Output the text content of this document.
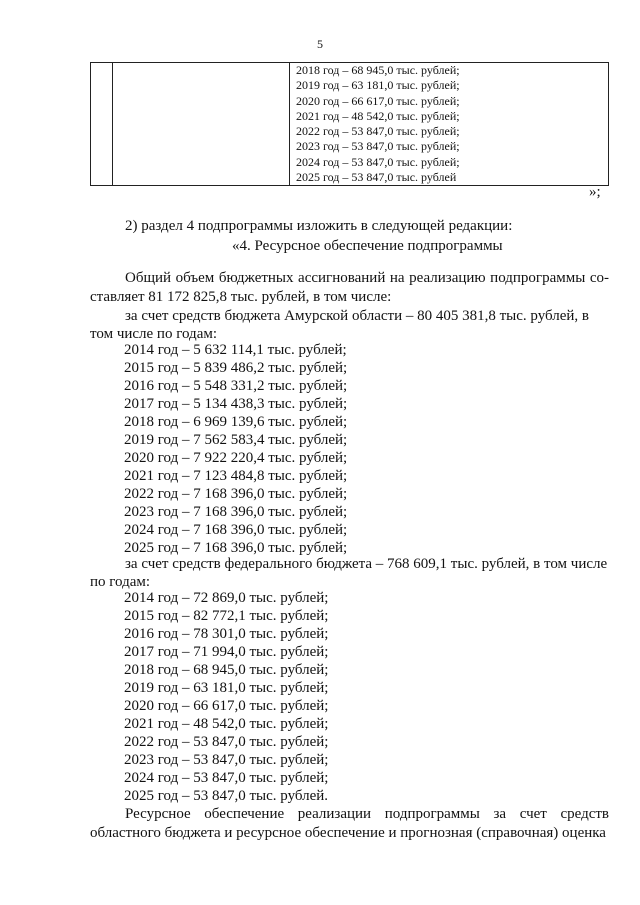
5

2018 год – 68 945,0 тыс. рублей;
2019 год – 63 181,0 тыс. рублей;
2020 год – 66 617,0 тыс. рублей;
2021 год – 48 542,0 тыс. рублей;
2022 год – 53 847,0 тыс. рублей;
2023 год – 53 847,0 тыс. рублей;
2024 год – 53 847,0 тыс. рублей;
2025 год – 53 847,0 тыс. рублей
»;
2) раздел 4 подпрограммы изложить в следующей редакции:
«4. Ресурсное обеспечение подпрограммы
Общий объем бюджетных ассигнований на реализацию подпрограммы со-
ставляет 81 172 825,8 тыс. рублей, в том числе:
за счет средств бюджета Амурской области – 80 405 381,8 тыс. рублей, в
том числе по годам:
2014 год – 5 632 114,1 тыс. рублей;
2015 год – 5 839 486,2 тыс. рублей;
2016 год – 5 548 331,2 тыс. рублей;
2017 год – 5 134 438,3 тыс. рублей;
2018 год – 6 969 139,6 тыс. рублей;
2019 год – 7 562 583,4 тыс. рублей;
2020 год – 7 922 220,4 тыс. рублей;
2021 год – 7 123 484,8 тыс. рублей;
2022 год – 7 168 396,0 тыс. рублей;
2023 год – 7 168 396,0 тыс. рублей;
2024 год – 7 168 396,0 тыс. рублей;
2025 год – 7 168 396,0 тыс. рублей;
за счет средств федерального бюджета – 768 609,1 тыс. рублей, в том числе
по годам:
2014 год – 72 869,0 тыс. рублей;
2015 год – 82 772,1 тыс. рублей;
2016 год – 78 301,0 тыс. рублей;
2017 год – 71 994,0 тыс. рублей;
2018 год – 68 945,0 тыс. рублей;
2019 год – 63 181,0 тыс. рублей;
2020 год – 66 617,0 тыс. рублей;
2021 год – 48 542,0 тыс. рублей;
2022 год – 53 847,0 тыс. рублей;
2023 год – 53 847,0 тыс. рублей;
2024 год – 53 847,0 тыс. рублей;
2025 год – 53 847,0 тыс. рублей.
Ресурсное обеспечение реализации подпрограммы за счет средств
областного бюджета и ресурсное обеспечение и прогнозная (справочная) оценка
